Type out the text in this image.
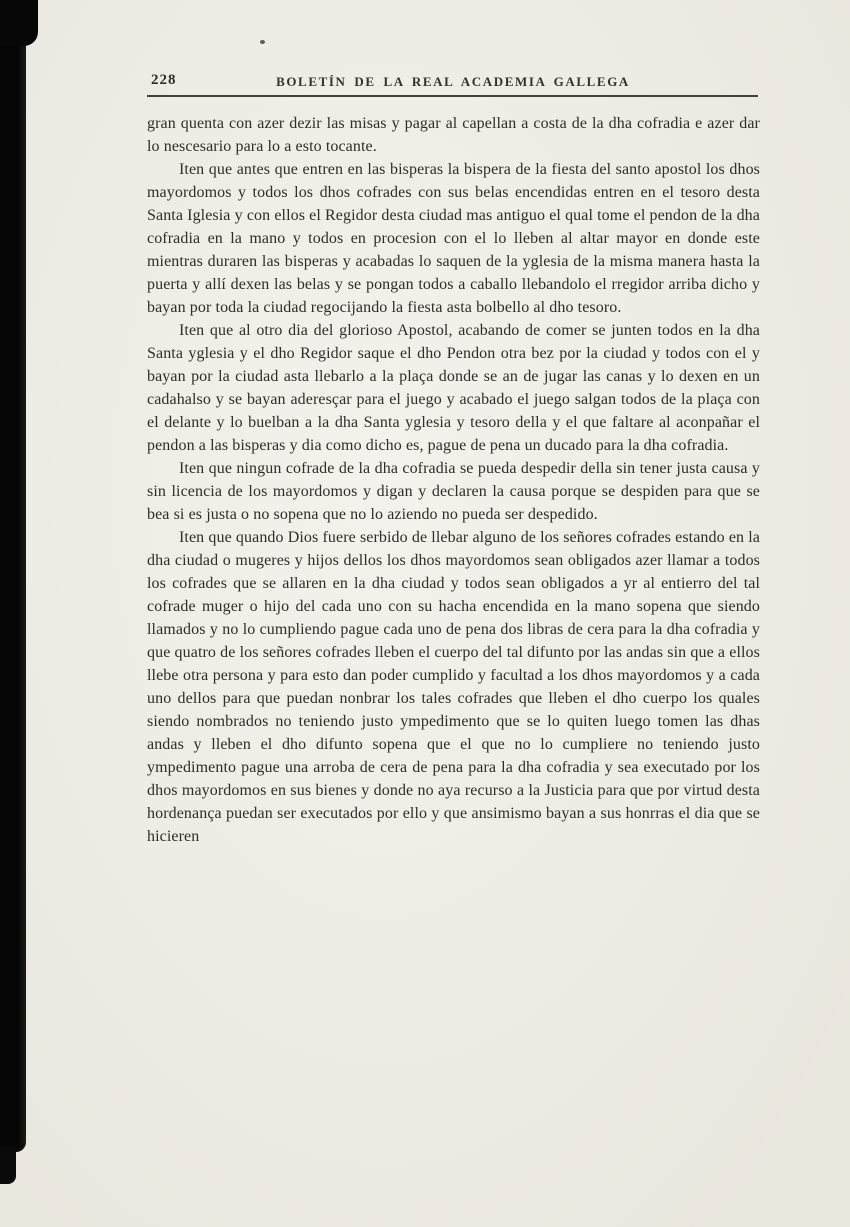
228	BOLETÍN DE LA REAL ACADEMIA GALLEGA

gran quenta con azer dezir las misas y pagar al capellan a costa de la dha cofradia e azer dar lo nescesario para lo a esto tocante.

Iten que antes que entren en las bisperas la bispera de la fiesta del santo apostol los dhos mayordomos y todos los dhos cofrades con sus belas encendidas entren en el tesoro desta Santa Iglesia y con ellos el Regidor desta ciudad mas antiguo el qual tome el pendon de la dha cofradia en la mano y todos en procesion con el lo lleben al altar mayor en donde este mientras duraren las bisperas y acabadas lo saquen de la yglesia de la misma manera hasta la puerta y allí dexen las belas y se pongan todos a caballo llebandolo el rregidor arriba dicho y bayan por toda la ciudad regocijando la fiesta asta bolbello al dho tesoro.

Iten que al otro dia del glorioso Apostol, acabando de comer se junten todos en la dha Santa yglesia y el dho Regidor saque el dho Pendon otra bez por la ciudad y todos con el y bayan por la ciudad asta llebarlo a la plaça donde se an de jugar las canas y lo dexen en un cadahalso y se bayan aderesçar para el juego y acabado el juego salgan todos de la plaça con el delante y lo buelban a la dha Santa yglesia y tesoro della y el que faltare al aconpañar el pendon a las bisperas y dia como dicho es, pague de pena un ducado para la dha cofradia.

Iten que ningun cofrade de la dha cofradia se pueda despedir della sin tener justa causa y sin licencia de los mayordomos y digan y declaren la causa porque se despiden para que se bea si es justa o no sopena que no lo aziendo no pueda ser despedido.

Iten que quando Dios fuere serbido de llebar alguno de los señores cofrades estando en la dha ciudad o mugeres y hijos dellos los dhos mayordomos sean obligados azer llamar a todos los cofrades que se allaren en la dha ciudad y todos sean obligados a yr al entierro del tal cofrade muger o hijo del cada uno con su hacha encendida en la mano sopena que siendo llamados y no lo cumpliendo pague cada uno de pena dos libras de cera para la dha cofradia y que quatro de los señores cofrades lleben el cuerpo del tal difunto por las andas sin que a ellos llebe otra persona y para esto dan poder cumplido y facultad a los dhos mayordomos y a cada uno dellos para que puedan nonbrar los tales cofrades que lleben el dho cuerpo los quales siendo nombrados no teniendo justo ympedimento que se lo quiten luego tomen las dhas andas y lleben el dho difunto sopena que el que no lo cumpliere no teniendo justo ympedimento pague una arroba de cera de pena para la dha cofradia y sea executado por los dhos mayordomos en sus bienes y donde no aya recurso a la Justicia para que por virtud desta hordenança puedan ser executados por ello y que ansimismo bayan a sus honrras el dia que se hicieren
